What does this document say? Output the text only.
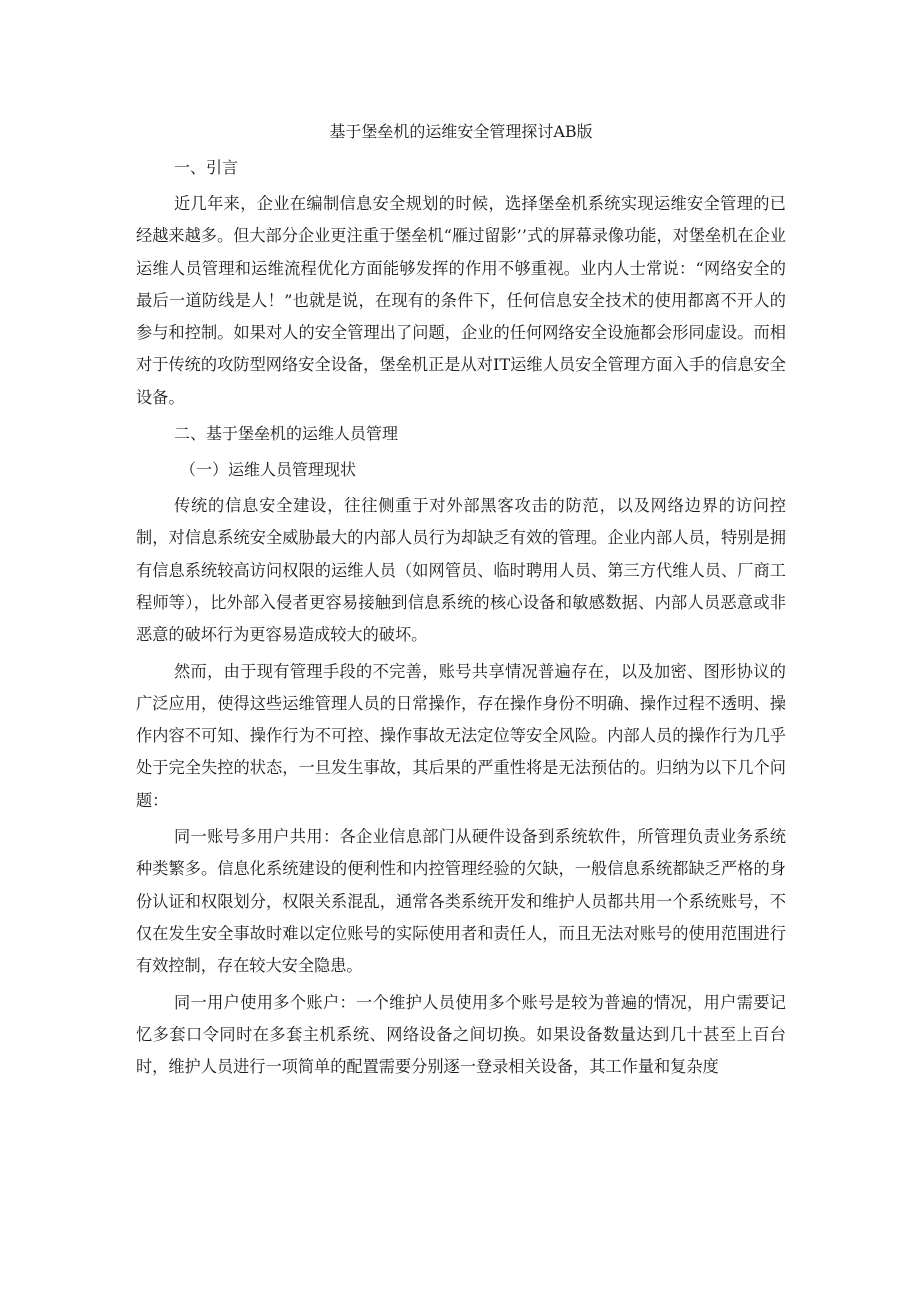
基于堡垒机的运维安全管理探讨AB版
一、引言

近几年来，企业在编制信息安全规划的时候，选择堡垒机系统实现运维安全管理的已经越来越多。但大部分企业更注重于堡垒机“雁过留影’’式的屏幕录像功能，对堡垒机在企业运维人员管理和运维流程优化方面能够发挥的作用不够重视。业内人士常说：“网络安全的最后一道防线是人！”也就是说，在现有的条件下，任何信息安全技术的使用都离不开人的参与和控制。如果对人的安全管理出了问题，企业的任何网络安全设施都会形同虚设。而相对于传统的攻防型网络安全设备，堡垒机正是从对IT运维人员安全管理方面入手的信息安全设备。

二、基于堡垒机的运维人员管理
（一）运维人员管理现状

传统的信息安全建设，往往侧重于对外部黑客攻击的防范，以及网络边界的访问控制，对信息系统安全威胁最大的内部人员行为却缺乏有效的管理。企业内部人员，特别是拥有信息系统较高访问权限的运维人员（如网管员、临时聘用人员、第三方代维人员、厂商工程师等），比外部入侵者更容易接触到信息系统的核心设备和敏感数据、内部人员恶意或非恶意的破坏行为更容易造成较大的破坏。

然而，由于现有管理手段的不完善，账号共享情况普遍存在，以及加密、图形协议的广泛应用，使得这些运维管理人员的日常操作，存在操作身份不明确、操作过程不透明、操作内容不可知、操作行为不可控、操作事故无法定位等安全风险。内部人员的操作行为几乎处于完全失控的状态，一旦发生事故，其后果的严重性将是无法预估的。归纳为以下几个问题：

同一账号多用户共用：各企业信息部门从硬件设备到系统软件，所管理负责业务系统种类繁多。信息化系统建设的便利性和内控管理经验的欠缺，一般信息系统都缺乏严格的身份认证和权限划分，权限关系混乱，通常各类系统开发和维护人员都共用一个系统账号，不仅在发生安全事故时难以定位账号的实际使用者和责任人，而且无法对账号的使用范围进行有效控制，存在较大安全隐患。

同一用户使用多个账户：一个维护人员使用多个账号是较为普遍的情况，用户需要记忆多套口令同时在多套主机系统、网络设备之间切换。如果设备数量达到几十甚至上百台时，维护人员进行一项简单的配置需要分别逐一登录相关设备，其工作量和复杂度
